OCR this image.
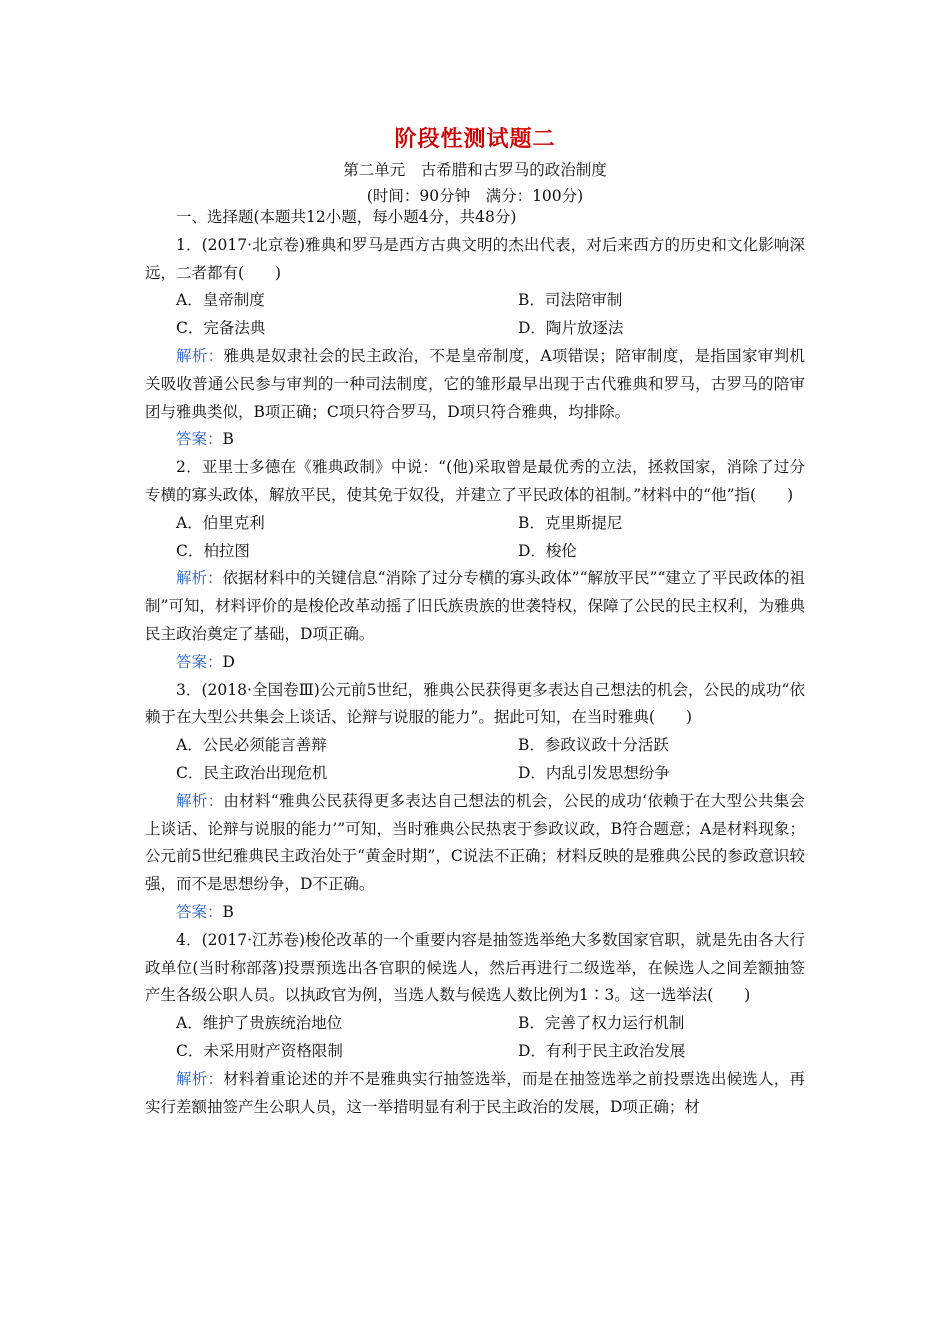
阶段性测试题二
第二单元　古希腊和古罗马的政治制度
(时间：90分钟　满分：100分)

一、选择题(本题共12小题，每小题4分，共48分)

1．(2017·北京卷)雅典和罗马是西方古典文明的杰出代表，对后来西方的历史和文化影响深远，二者都有(　　)

A．皇帝制度	B．司法陪审制
C．完备法典	D．陶片放逐法

解析：雅典是奴隶社会的民主政治，不是皇帝制度，A项错误；陪审制度，是指国家审判机关吸收普通公民参与审判的一种司法制度，它的雏形最早出现于古代雅典和罗马，古罗马的陪审团与雅典类似，B项正确；C项只符合罗马，D项只符合雅典，均排除。

答案：B

2．亚里士多德在《雅典政制》中说：“(他)采取曾是最优秀的立法，拯救国家，消除了过分专横的寡头政体，解放平民，使其免于奴役，并建立了平民政体的祖制。”材料中的“他”指(　　)

A．伯里克利	B．克里斯提尼
C．柏拉图	D．梭伦

解析：依据材料中的关键信息“消除了过分专横的寡头政体”“解放平民”“建立了平民政体的祖制”可知，材料评价的是梭伦改革动摇了旧氏族贵族的世袭特权，保障了公民的民主权利，为雅典民主政治奠定了基础，D项正确。

答案：D

3．(2018·全国卷Ⅲ)公元前5世纪，雅典公民获得更多表达自己想法的机会，公民的成功“依赖于在大型公共集会上谈话、论辩与说服的能力”。据此可知，在当时雅典(　　)

A．公民必须能言善辩	B．参政议政十分活跃
C．民主政治出现危机	D．内乱引发思想纷争

解析：由材料“雅典公民获得更多表达自己想法的机会，公民的成功‘依赖于在大型公共集会上谈话、论辩与说服的能力’”可知，当时雅典公民热衷于参政议政，B符合题意；A是材料现象；公元前5世纪雅典民主政治处于“黄金时期”，C说法不正确；材料反映的是雅典公民的参政意识较强，而不是思想纷争，D不正确。

答案：B

4．(2017·江苏卷)梭伦改革的一个重要内容是抽签选举绝大多数国家官职，就是先由各大行政单位(当时称部落)投票预选出各官职的候选人，然后再进行二级选举，在候选人之间差额抽签产生各级公职人员。以执政官为例，当选人数与候选人数比例为1∶3。这一选举法(　　)

A．维护了贵族统治地位	B．完善了权力运行机制
C．未采用财产资格限制	D．有利于民主政治发展

解析：材料着重论述的并不是雅典实行抽签选举，而是在抽签选举之前投票选出候选人，再实行差额抽签产生公职人员，这一举措明显有利于民主政治的发展，D项正确；材
